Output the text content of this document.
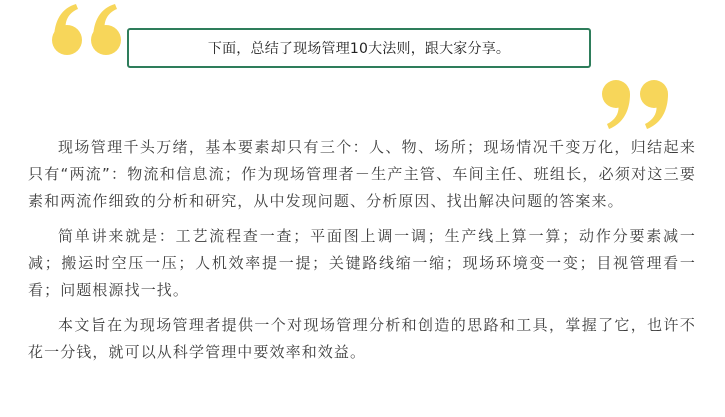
下面，总结了现场管理10大法则，跟大家分享。

现场管理千头万绪，基本要素却只有三个：人、物、场所；现场情况千变万化，归结起来只有“两流”：物流和信息流；作为现场管理者－生产主管、车间主任、班组长，必须对这三要素和两流作细致的分析和研究，从中发现问题、分析原因、找出解决问题的答案来。

简单讲来就是：工艺流程查一查；平面图上调一调；生产线上算一算；动作分要素减一减；搬运时空压一压；人机效率提一提；关键路线缩一缩；现场环境变一变；目视管理看一看；问题根源找一找。

本文旨在为现场管理者提供一个对现场管理分析和创造的思路和工具，掌握了它，也许不花一分钱，就可以从科学管理中要效率和效益。
